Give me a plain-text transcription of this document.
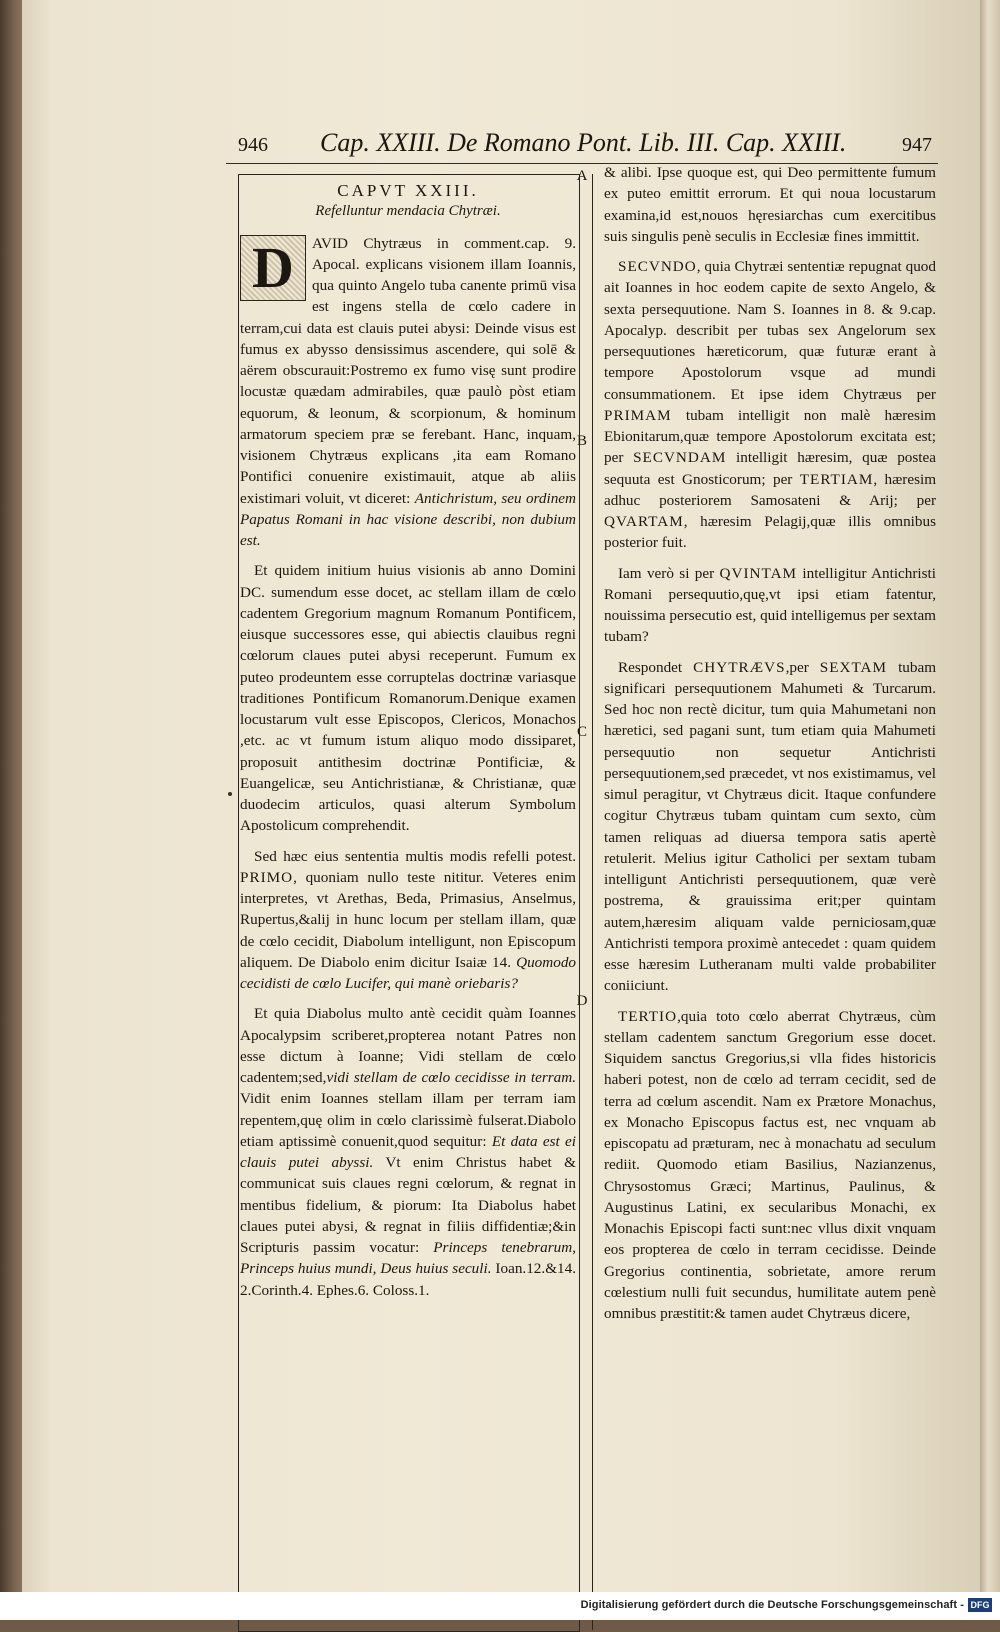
946 Cap. XXIII. De Romano Pont. Lib. III. Cap. XXIII.	947
A
B
C
D
CAPVT XXIII.
Refelluntur mendacia Chytræi.

D	AVID Chytræus in comment.cap. 9. Apocal. explicans visionem illam Ioannis, qua quinto Angelo tuba canente primū visa est ingens stella de cœlo cadere in terram,cui data est clauis putei abysi: Deinde visus est fumus ex abysso densissimus ascendere, qui solē & aërem obscurauit:Postremo ex fumo visę sunt prodire locustæ quædam admirabiles, quæ paulò pòst etiam equorum, & leonum, & scorpionum, & hominum armatorum speciem præ se ferebant. Hanc, inquam, visionem Chytræus explicans ,ita eam Romano Pontifici conuenire existimauit, atque ab aliis existimari voluit, vt diceret: Antichristum, seu ordinem Papatus Romani in hac visione describi, non dubium est.

Et quidem initium huius visionis ab anno Domini DC. sumendum esse docet, ac stellam illam de cœlo cadentem Gregorium magnum Romanum Pontificem, eiusque successores esse, qui abiectis clauibus regni cœlorum claues putei abysi receperunt. Fumum ex puteo prodeuntem esse corruptelas doctrinæ variasque traditiones Pontificum Romanorum.Denique examen locustarum vult esse Episcopos, Clericos, Monachos ,etc. ac vt fumum istum aliquo modo dissiparet, proposuit antithesim doctrinæ Pontificiæ, & Euangelicæ, seu Antichristianæ, & Christianæ, quæ duodecim articulos, quasi alterum Symbolum Apostolicum comprehendit.

Sed hæc eius sententia multis modis refelli potest. PRIMO, quoniam nullo teste nititur. Veteres enim interpretes, vt Arethas, Beda, Primasius, Anselmus, Rupertus,&alij in hunc locum per stellam illam, quæ de cœlo cecidit, Diabolum intelligunt, non Episcopum aliquem. De Diabolo enim dicitur Isaiæ 14. Quomodo cecidisti de cœlo Lucifer, qui manè oriebaris?

Et quia Diabolus multo antè cecidit quàm Ioannes Apocalypsim scriberet,propterea notant Patres non esse dictum à Ioanne; Vidi stellam de cœlo cadentem;sed,vidi stellam de cœlo cecidisse in terram. Vidit enim Ioannes stellam illam per terram iam repentem,quę olim in cœlo clarissimè fulserat.Diabolo etiam aptissimè conuenit,quod sequitur: Et data est ei clauis putei abyssi. Vt enim Christus habet & communicat suis claues regni cœlorum, & regnat in mentibus fidelium, & piorum: Ita Diabolus habet claues putei abysi, & regnat in filiis diffidentiæ;&in Scripturis passim vocatur: Princeps tenebrarum, Princeps huius mundi, Deus huius seculi. Ioan.12.&14. 2.Corinth.4. Ephes.6. Coloss.1.

& alibi. Ipse quoque est, qui Deo permittente fumum ex puteo emittit errorum. Et qui noua locustarum examina,id est,nouos hęresiarchas cum exercitibus suis singulis penè seculis in Ecclesiæ fines immittit.

SECVNDO, quia Chytræi sententiæ repugnat quod ait Ioannes in hoc eodem capite de sexto Angelo, & sexta persequutione. Nam S. Ioannes in 8. & 9.cap. Apocalyp. describit per tubas sex Angelorum sex persequutiones hæreticorum, quæ futuræ erant à tempore Apostolorum vsque ad mundi consummationem. Et ipse idem Chytræus per PRIMAM tubam intelligit non malè hæresim Ebionitarum,quæ tempore Apostolorum excitata est; per SECVNDAM intelligit hæresim, quæ postea sequuta est Gnosticorum; per TERTIAM, hæresim adhuc posteriorem Samosateni & Arij; per QVARTAM, hæresim Pelagij,quæ illis omnibus posterior fuit.

Iam verò si per QVINTAM intelligitur Antichristi Romani persequutio,quę,vt ipsi etiam fatentur, nouissima persecutio est, quid intelligemus per sextam tubam?

Respondet CHYTRÆVS,per SEXTAM tubam significari persequutionem Mahumeti & Turcarum. Sed hoc non rectè dicitur, tum quia Mahumetani non hæretici, sed pagani sunt, tum etiam quia Mahumeti persequutio non sequetur Antichristi persequutionem,sed præcedet, vt nos existimamus, vel simul peragitur, vt Chytræus dicit. Itaque confundere cogitur Chytræus tubam quintam cum sexto, cùm tamen reliquas ad diuersa tempora satis apertè retulerit. Melius igitur Catholici per sextam tubam intelligunt Antichristi persequutionem, quæ verè postrema, & grauissima erit;per quintam autem,hæresim aliquam valde perniciosam,quæ Antichristi tempora proximè antecedet : quam quidem esse hæresim Lutheranam multi valde probabiliter coniiciunt.

TERTIO,quia toto cœlo aberrat Chytræus, cùm stellam cadentem sanctum Gregorium esse docet. Siquidem sanctus Gregorius,si vlla fides historicis haberi potest, non de cœlo ad terram cecidit, sed de terra ad cœlum ascendit. Nam ex Prætore Monachus, ex Monacho Episcopus factus est, nec vnquam ab episcopatu ad præturam, nec à monachatu ad seculum rediit. Quomodo etiam Basilius, Nazianzenus, Chrysostomus Græci; Martinus, Paulinus, & Augustinus Latini, ex secularibus Monachi, ex Monachis Episcopi facti sunt:nec vllus dixit vnquam eos propterea de cœlo in terram cecidisse. Deinde Gregorius continentia, sobrietate, amore rerum cœlestium nulli fuit secundus, humilitate autem penè omnibus præstitit:& tamen audet Chytræus dicere,

Digitalisierung gefördert durch die Deutsche Forschungsgemeinschaft - DFG
